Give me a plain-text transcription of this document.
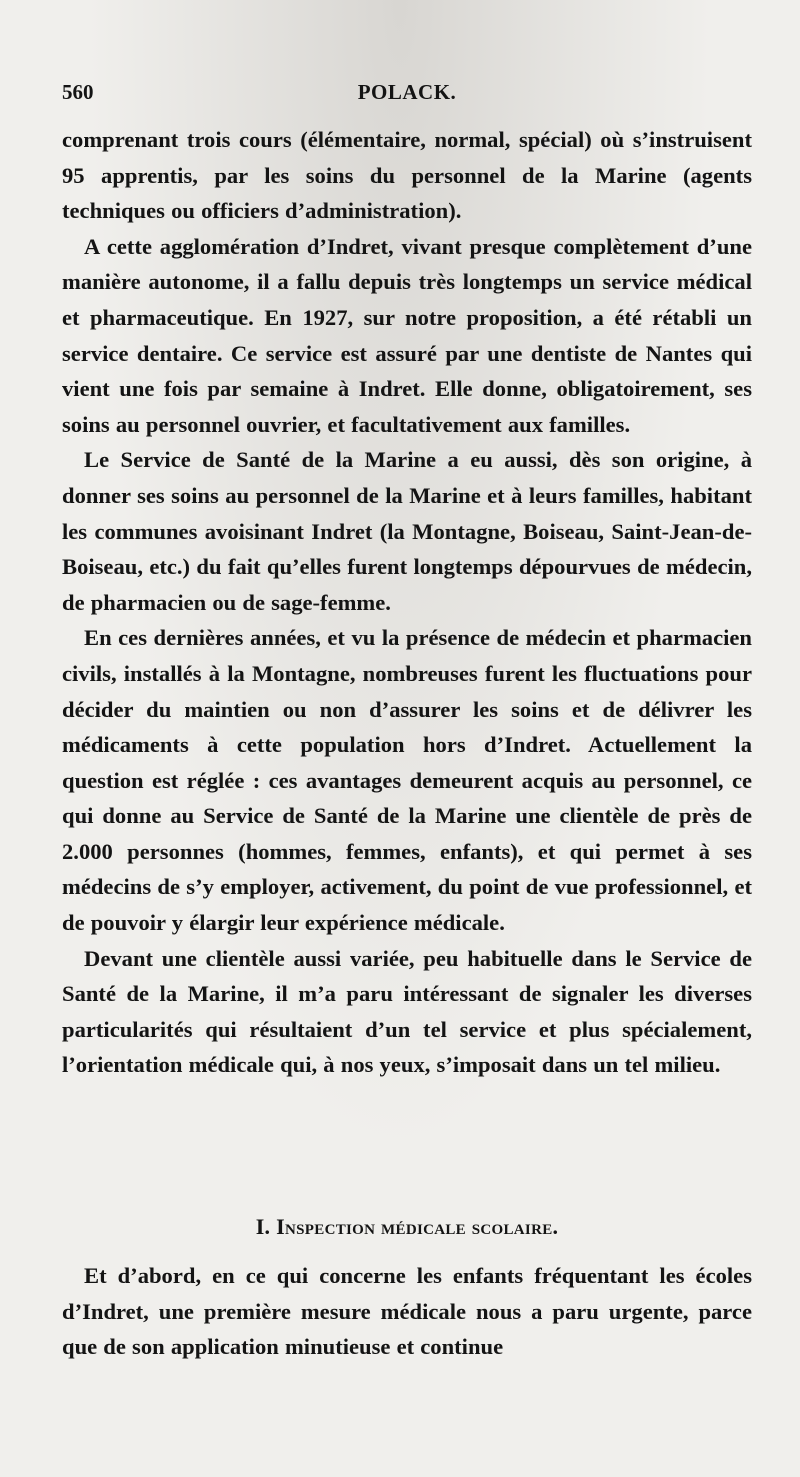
560	POLACK.

comprenant trois cours (élémentaire, normal, spécial) où s’instruisent 95 apprentis, par les soins du personnel de la Marine (agents techniques ou officiers d’administration).

A cette agglomération d’Indret, vivant presque complètement d’une manière autonome, il a fallu depuis très longtemps un service médical et pharmaceutique. En 1927, sur notre proposition, a été rétabli un service dentaire. Ce service est assuré par une dentiste de Nantes qui vient une fois par semaine à Indret. Elle donne, obligatoirement, ses soins au personnel ouvrier, et facultativement aux familles.

Le Service de Santé de la Marine a eu aussi, dès son origine, à donner ses soins au personnel de la Marine et à leurs familles, habitant les communes avoisinant Indret (la Montagne, Boiseau, Saint-Jean-de-Boiseau, etc.) du fait qu’elles furent longtemps dépourvues de médecin, de pharmacien ou de sage-femme.

En ces dernières années, et vu la présence de médecin et pharmacien civils, installés à la Montagne, nombreuses furent les fluctuations pour décider du maintien ou non d’assurer les soins et de délivrer les médicaments à cette population hors d’Indret. Actuellement la question est réglée : ces avantages demeurent acquis au personnel, ce qui donne au Service de Santé de la Marine une clientèle de près de 2.000 personnes (hommes, femmes, enfants), et qui permet à ses médecins de s’y employer, activement, du point de vue professionnel, et de pouvoir y élargir leur expérience médicale.

Devant une clientèle aussi variée, peu habituelle dans le Service de Santé de la Marine, il m’a paru intéressant de signaler les diverses particularités qui résultaient d’un tel service et plus spécialement, l’orientation médicale qui, à nos yeux, s’imposait dans un tel milieu.

I. Inspection médicale scolaire.

Et d’abord, en ce qui concerne les enfants fréquentant les écoles d’Indret, une première mesure médicale nous a paru urgente, parce que de son application minutieuse et continue
